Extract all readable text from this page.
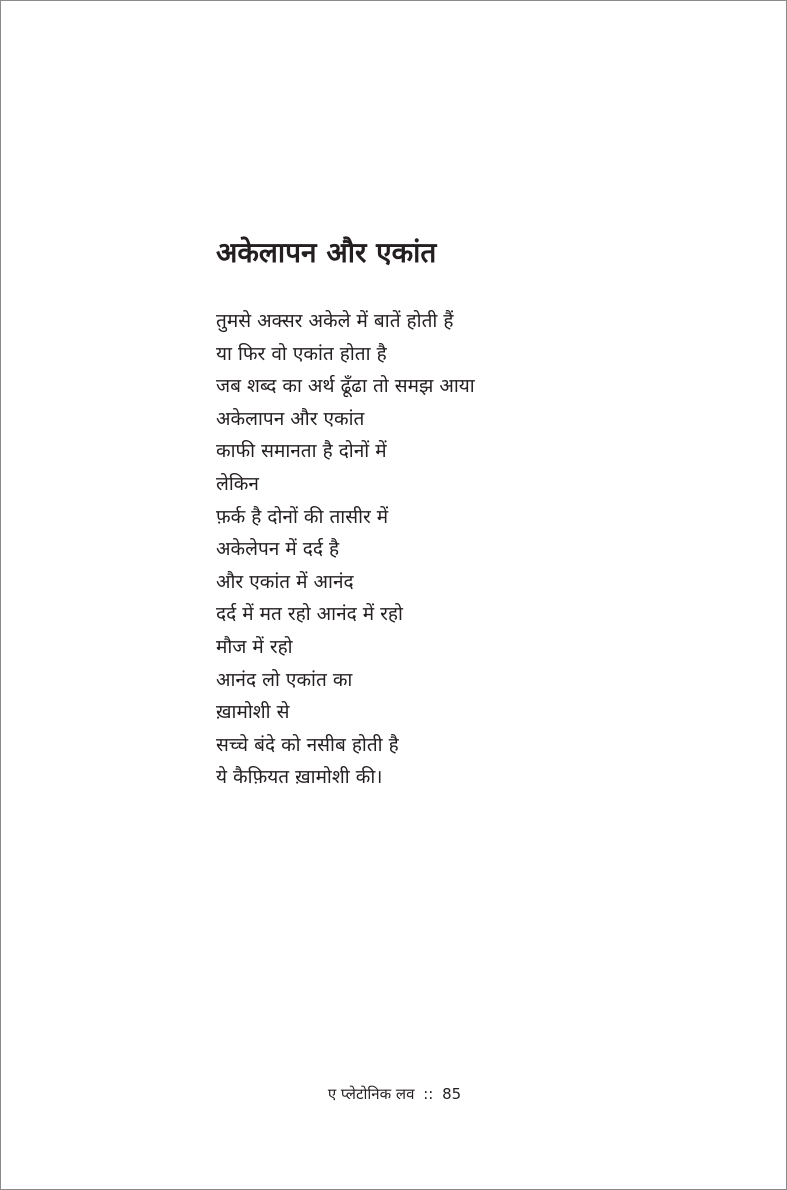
अकेलापन और एकांत
तुमसे अक्सर अकेले में बातें होती हैं
या फिर वो एकांत होता है
जब शब्द का अर्थ ढूँढा तो समझ आया
अकेलापन और एकांत
काफी समानता है दोनों में
लेकिन
फ़र्क है दोनों की तासीर में
अकेलेपन में दर्द है
और एकांत में आनंद
दर्द में मत रहो आनंद में रहो
मौज में रहो
आनंद लो एकांत का
ख़ामोशी से
सच्चे बंदे को नसीब होती है
ये कैफ़ियत ख़ामोशी की।
ए प्लेटोनिक लव :: 85
